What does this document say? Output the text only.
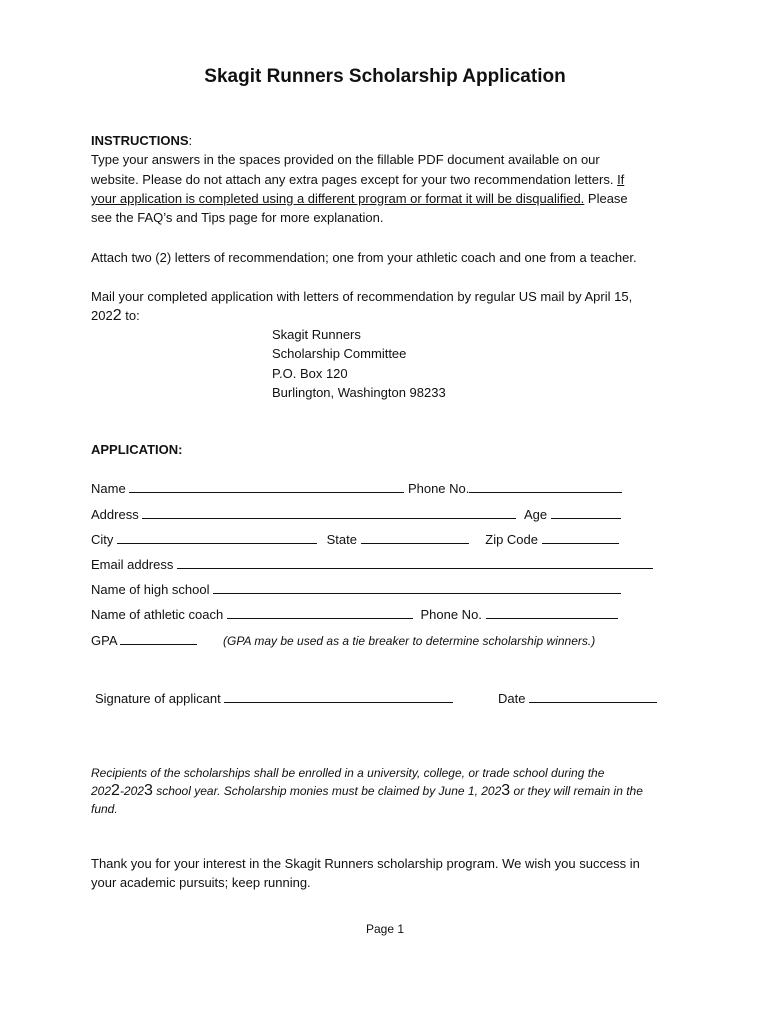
Skagit Runners Scholarship Application
INSTRUCTIONS:
Type your answers in the spaces provided on the fillable PDF document available on our
website. Please do not attach any extra pages except for your two recommendation letters. If
your application is completed using a different program or format it will be disqualified. Please
see the FAQ’s and Tips page for more explanation.
Attach two (2) letters of recommendation; one from your athletic coach and one from a teacher.
Mail your completed application with letters of recommendation by regular US mail by April 15,
2022 to:
Skagit Runners
Scholarship Committee
P.O. Box 120
Burlington, Washington 98233
APPLICATION:
Name	Phone No.
Address	Age
City	State	Zip Code
Email address
Name of high school
Name of athletic coach	Phone No.
GPA	(GPA may be used as a tie breaker to determine scholarship winners.)
Signature of applicant	Date
Recipients of the scholarships shall be enrolled in a university, college, or trade school during the
2022-2023 school year. Scholarship monies must be claimed by June 1, 2023 or they will remain in the
fund.
Thank you for your interest in the Skagit Runners scholarship program. We wish you success in
your academic pursuits; keep running.
Page 1
